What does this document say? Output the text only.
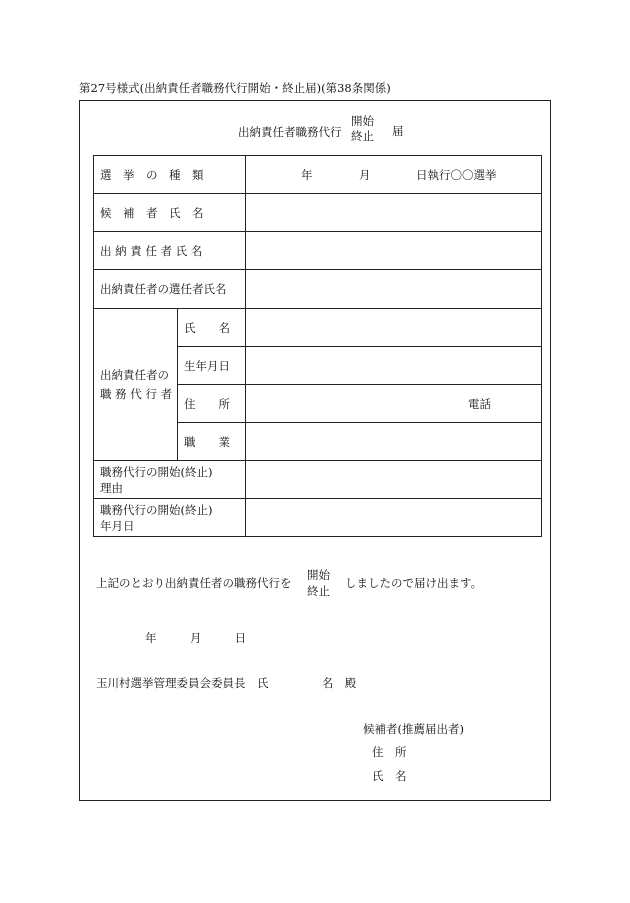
第27号様式(出納責任者職務代行開始・終止届)(第38条関係)
出納責任者職務代行
開始
終止 届
選　挙　の　種　類		年 月 日執行〇〇選挙

候　補　者　氏　名		
出 納 責 任 者 氏 名		
出納責任者の選任者氏名		

出納責任者の
職 務 代 行 者	氏　　名	
	生年月日	
	住　　所	電話

	職　　業	

職務代行の開始(終止)
理由		

職務代行の開始(終止)
年月日		

上記のとおり出納責任者の職務代行を
開始
終止
しましたので届け出ます。
年	月	日
玉川村選挙管理委員会委員長　氏	名　殿
候補者(推薦届出者)
住　所
氏　名
